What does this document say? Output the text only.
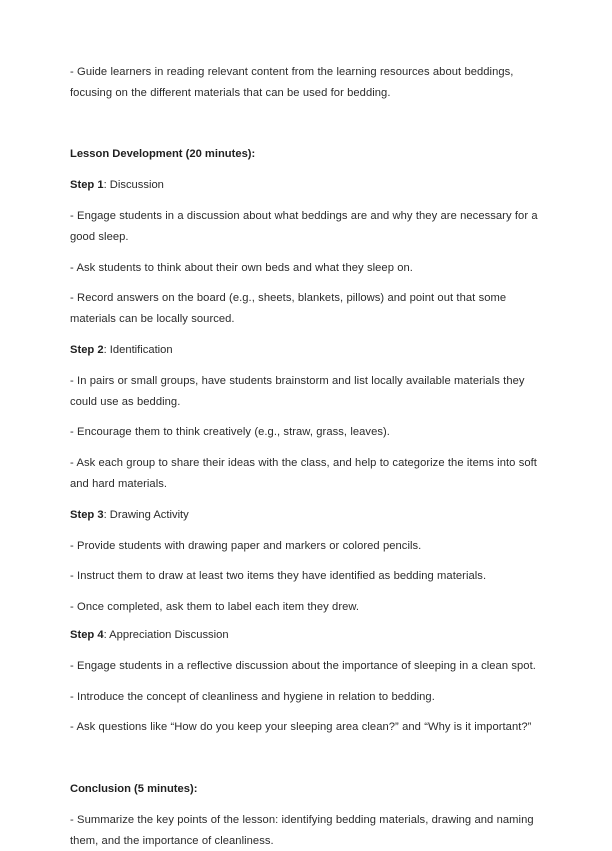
- Guide learners in reading relevant content from the learning resources about beddings, focusing on the different materials that can be used for bedding.
Lesson Development (20 minutes):
Step 1: Discussion
- Engage students in a discussion about what beddings are and why they are necessary for a good sleep.
- Ask students to think about their own beds and what they sleep on.
- Record answers on the board (e.g., sheets, blankets, pillows) and point out that some materials can be locally sourced.
Step 2: Identification
- In pairs or small groups, have students brainstorm and list locally available materials they could use as bedding.
- Encourage them to think creatively (e.g., straw, grass, leaves).
- Ask each group to share their ideas with the class, and help to categorize the items into soft and hard materials.
Step 3: Drawing Activity
- Provide students with drawing paper and markers or colored pencils.
- Instruct them to draw at least two items they have identified as bedding materials.
- Once completed, ask them to label each item they drew.
Step 4: Appreciation Discussion
- Engage students in a reflective discussion about the importance of sleeping in a clean spot.
- Introduce the concept of cleanliness and hygiene in relation to bedding.
- Ask questions like “How do you keep your sleeping area clean?” and “Why is it important?”
Conclusion (5 minutes):
- Summarize the key points of the lesson: identifying bedding materials, drawing and naming them, and the importance of cleanliness.
